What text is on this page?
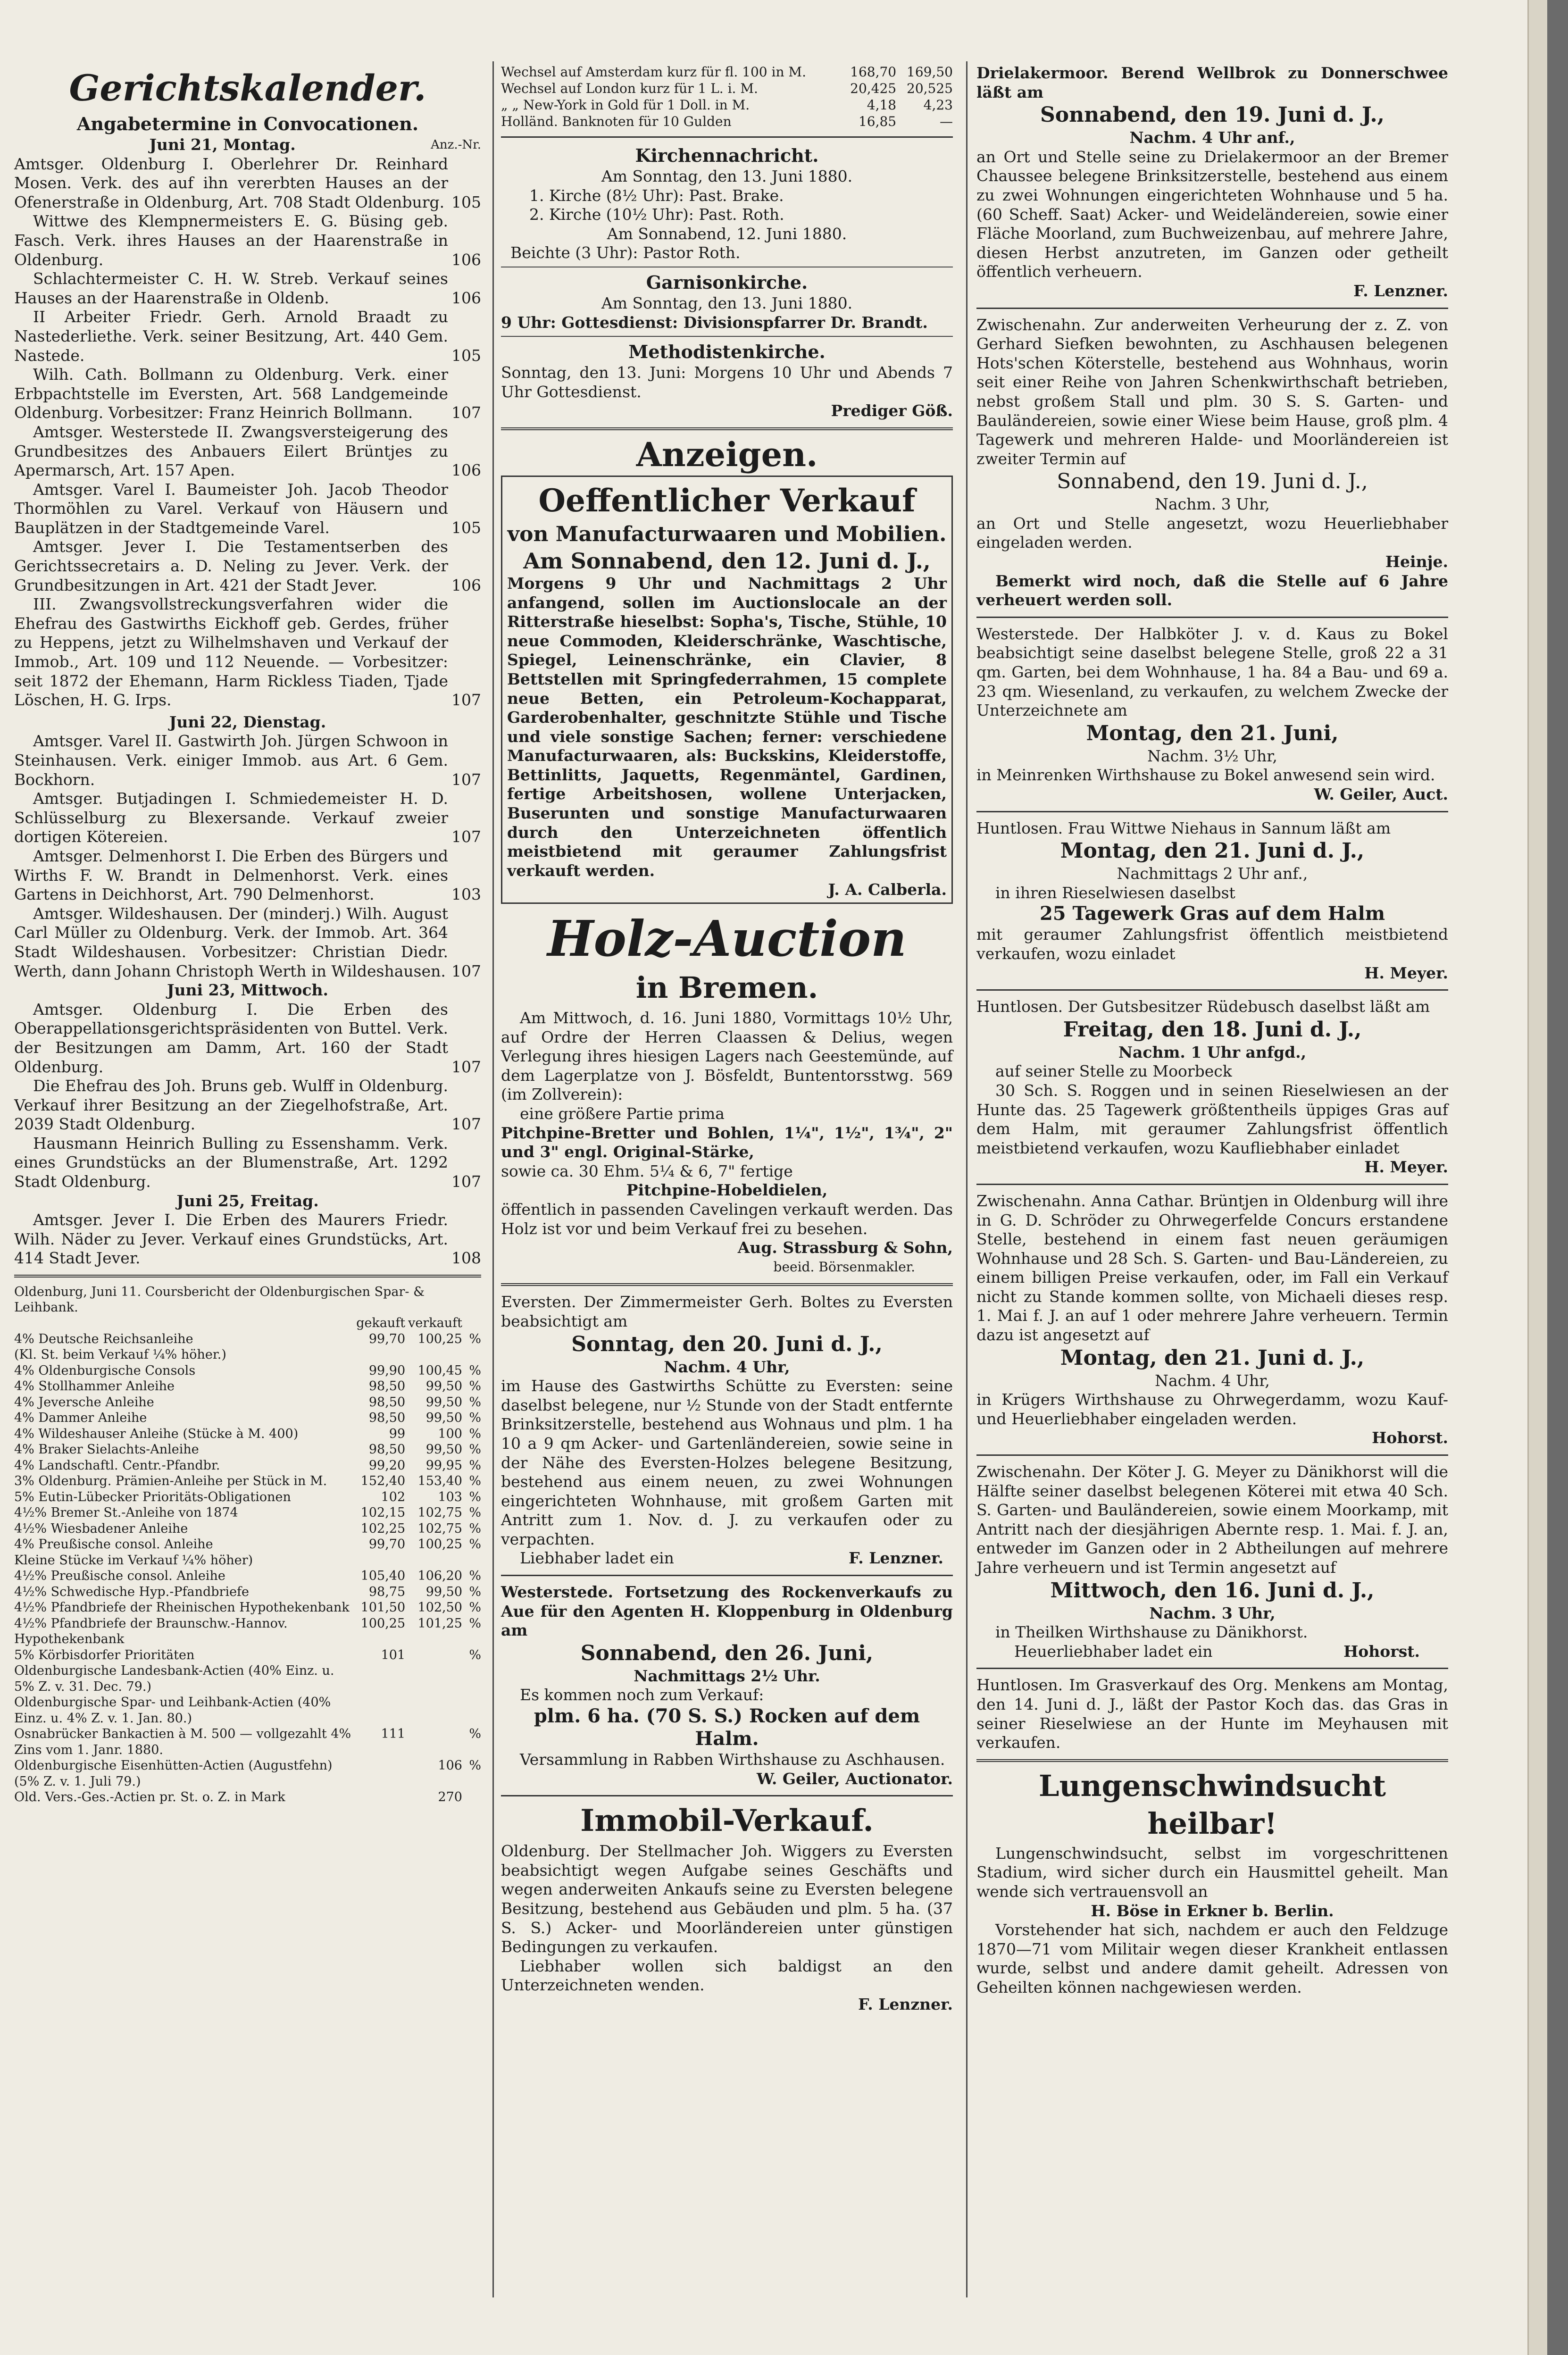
Gerichtskalender.
Angabetermine in Convocationen.
Juni 21, Montag.	Anz.-Nr.
Amtsger. Oldenburg I. Oberlehrer Dr. Reinhard Mosen. Verk. des auf ihn vererbten Hauses an der Ofenerstraße in Oldenburg, Art. 708 Stadt Oldenburg. 105
Wittwe des Klempnermeisters E. G. Büsing geb. Fasch. Verk. ihres Hauses an der Haarenstraße in Oldenburg.	106
Schlachtermeister C. H. W. Streb. Verkauf seines Hauses an der Haarenstraße in Oldenb.	106
II Arbeiter Friedr. Gerh. Arnold Braadt zu Nastederliethe. Verk. seiner Besitzung, Art. 440 Gem. Nastede.	105
Wilh. Cath. Bollmann zu Oldenburg. Verk. einer Erbpachtstelle im Eversten, Art. 568 Landgemeinde Oldenburg. Vorbesitzer: Franz Heinrich Bollmann.	107
Amtsger. Westerstede II. Zwangsversteigerung des Grundbesitzes des Anbauers Eilert Brüntjes zu Apermarsch, Art. 157 Apen.	106
Amtsger. Varel I. Baumeister Joh. Jacob Theodor Thormöhlen zu Varel. Verkauf von Häusern und Bauplätzen in der Stadtgemeinde Varel.	105
Amtsger. Jever I. Die Testamentserben des Gerichtssecretairs a. D. Neling zu Jever. Verk. der Grundbesitzungen in Art. 421 der Stadt Jever.	106
III. Zwangsvollstreckungsverfahren wider die Ehefrau des Gastwirths Eickhoff geb. Gerdes, früher zu Heppens, jetzt zu Wilhelmshaven und Verkauf der Immob., Art. 109 und 112 Neuende. — Vorbesitzer: seit 1872 der Ehemann, Harm Rickless Tiaden, Tjade Löschen, H. G. Irps.	107
Juni 22, Dienstag.
Amtsger. Varel II. Gastwirth Joh. Jürgen Schwoon in Steinhausen. Verk. einiger Immob. aus Art. 6 Gem. Bockhorn.	107
Amtsger. Butjadingen I. Schmiedemeister H. D. Schlüsselburg zu Blexersande. Verkauf zweier dortigen Kötereien.	107
Amtsger. Delmenhorst I. Die Erben des Bürgers und Wirths F. W. Brandt in Delmenhorst. Verk. eines Gartens in Deichhorst, Art. 790 Delmenhorst.	103
Amtsger. Wildeshausen. Der (minderj.) Wilh. August Carl Müller zu Oldenburg. Verk. der Immob. Art. 364 Stadt Wildeshausen. Vorbesitzer: Christian Diedr. Werth, dann Johann Christoph Werth in Wildeshausen. 107
Juni 23, Mittwoch.
Amtsger. Oldenburg I. Die Erben des Oberappellationsgerichtspräsidenten von Buttel. Verk. der Besitzungen am Damm, Art. 160 der Stadt Oldenburg.	107
Die Ehefrau des Joh. Bruns geb. Wulff in Oldenburg. Verkauf ihrer Besitzung an der Ziegelhofstraße, Art. 2039 Stadt Oldenburg.	107
Hausmann Heinrich Bulling zu Essenshamm. Verk. eines Grundstücks an der Blumenstraße, Art. 1292 Stadt Oldenburg.	107
Juni 25, Freitag.
Amtsger. Jever I. Die Erben des Maurers Friedr. Wilh. Näder zu Jever. Verkauf eines Grundstücks, Art. 414 Stadt Jever.	108
Oldenburg, Juni 11. Coursbericht der Oldenburgischen Spar- & Leihbank.
	gekauft	verkauft	
4% Deutsche Reichsanleihe	99,70	100,25	%
(Kl. St. beim Verkauf ¼% höher.)			
4% Oldenburgische Consols	99,90	100,45	%
4% Stollhammer Anleihe	98,50	99,50	%
4% Jeversche Anleihe	98,50	99,50	%
4% Dammer Anleihe	98,50	99,50	%
4% Wildeshauser Anleihe (Stücke à M. 400)	99	100	%
4% Braker Sielachts-Anleihe	98,50	99,50	%
4% Landschaftl. Centr.-Pfandbr.	99,20	99,95	%
3% Oldenburg. Prämien-Anleihe per Stück in M.	152,40	153,40	%
5% Eutin-Lübecker Prioritäts-Obligationen	102	103	%
4½% Bremer St.-Anleihe von 1874	102,15	102,75	%
4½% Wiesbadener Anleihe	102,25	102,75	%
4% Preußische consol. Anleihe	99,70	100,25	%
Kleine Stücke im Verkauf ¼% höher)			
4½% Preußische consol. Anleihe	105,40	106,20	%
4½% Schwedische Hyp.-Pfandbriefe	98,75	99,50	%
4½% Pfandbriefe der Rheinischen Hypothekenbank	101,50	102,50	%
4½% Pfandbriefe der Braunschw.-Hannov. Hypothekenbank	100,25	101,25	%
5% Körbisdorfer Prioritäten	101		%
Oldenburgische Landesbank-Actien (40% Einz. u. 5% Z. v. 31. Dec. 79.)			
Oldenburgische Spar- und Leihbank-Actien (40% Einz. u. 4% Z. v. 1. Jan. 80.)			
Osnabrücker Bankactien à M. 500 — vollgezahlt 4% Zins vom 1. Janr. 1880.	111		%
Oldenburgische Eisenhütten-Actien (Augustfehn) (5% Z. v. 1. Juli 79.)		106	%
Old. Vers.-Ges.-Actien pr. St. o. Z. in Mark		270	
Wechsel auf Amsterdam kurz für fl. 100 in M.	168,70	169,50
Wechsel auf London kurz für 1 L. i. M.	20,425	20,525
„ „ New-York in Gold für 1 Doll. in M.	4,18	4,23
Holländ. Banknoten für 10 Gulden	16,85	—
Kirchennachricht.
Am Sonntag, den 13. Juni 1880.
1. Kirche (8½ Uhr): Past. Brake.
2. Kirche (10½ Uhr): Past. Roth.
Am Sonnabend, 12. Juni 1880.
Beichte (3 Uhr): Pastor Roth.
Garnisonkirche.
Am Sonntag, den 13. Juni 1880.
9 Uhr: Gottesdienst: Divisionspfarrer Dr. Brandt.
Methodistenkirche.

Sonntag, den 13. Juni: Morgens 10 Uhr und Abends 7 Uhr Gottesdienst.

Prediger Göß.
Anzeigen.
Oeffentlicher Verkauf
von Manufacturwaaren und Mobilien.
Am Sonnabend, den 12. Juni d. J.,

Morgens 9 Uhr und Nachmittags 2 Uhr anfangend, sollen im Auctionslocale an der Ritterstraße hieselbst: Sopha's, Tische, Stühle, 10 neue Commoden, Kleiderschränke, Waschtische, Spiegel, Leinenschränke, ein Clavier, 8 Bettstellen mit Springfederrahmen, 15 complete neue Betten, ein Petroleum-Kochapparat, Garderobenhalter, geschnitzte Stühle und Tische und viele sonstige Sachen; ferner: verschiedene Manufacturwaaren, als: Buckskins, Kleiderstoffe, Bettinlitts, Jaquetts, Regenmäntel, Gardinen, fertige Arbeitshosen, wollene Unterjacken, Buserunten und sonstige Manufacturwaaren durch den Unterzeichneten öffentlich meistbietend mit geraumer Zahlungsfrist verkauft werden.

J. A. Calberla.
Holz-Auction
in Bremen.

Am Mittwoch, d. 16. Juni 1880, Vormittags 10½ Uhr, auf Ordre der Herren Claassen & Delius, wegen Verlegung ihres hiesigen Lagers nach Geestemünde, auf dem Lagerplatze von J. Bösfeldt, Buntentorsstwg. 569 (im Zollverein):

eine größere Partie prima

Pitchpine-Bretter und Bohlen, 1¼", 1½", 1¾", 2" und 3" engl. Original-Stärke,

sowie ca. 30 Ehm. 5¼ & 6, 7" fertige
Pitchpine-Hobeldielen,

öffentlich in passenden Cavelingen verkauft werden. Das Holz ist vor und beim Verkauf frei zu besehen.

Aug. Strassburg & Sohn,
beeid. Börsenmakler.

Eversten. Der Zimmermeister Gerh. Boltes zu Eversten beabsichtigt am

Sonntag, den 20. Juni d. J.,
Nachm. 4 Uhr,

im Hause des Gastwirths Schütte zu Eversten: seine daselbst belegene, nur ½ Stunde von der Stadt entfernte Brinksitzerstelle, bestehend aus Wohnaus und plm. 1 ha 10 a 9 qm Acker- und Gartenländereien, sowie seine in der Nähe des Eversten-Holzes belegene Besitzung, bestehend aus einem neuen, zu zwei Wohnungen eingerichteten Wohnhause, mit großem Garten mit Antritt zum 1. Nov. d. J. zu verkaufen oder zu verpachten.

Liebhaber ladet ein	F. Lenzner.

Westerstede. Fortsetzung des Rockenverkaufs zu Aue für den Agenten H. Kloppenburg in Oldenburg am

Sonnabend, den 26. Juni,
Nachmittags 2½ Uhr.
Es kommen noch zum Verkauf:
plm. 6 ha. (70 S. S.) Rocken auf dem Halm.

Versammlung in Rabben Wirthshause zu Aschhausen.

W. Geiler, Auctionator.
Immobil-Verkauf.

Oldenburg. Der Stellmacher Joh. Wiggers zu Eversten beabsichtigt wegen Aufgabe seines Geschäfts und wegen anderweiten Ankaufs seine zu Eversten belegene Besitzung, bestehend aus Gebäuden und plm. 5 ha. (37 S. S.) Acker- und Moorländereien unter günstigen Bedingungen zu verkaufen.

Liebhaber wollen sich baldigst an den Unterzeichneten wenden.

F. Lenzner.

Drielakermoor. Berend Wellbrok zu Donnerschwee läßt am

Sonnabend, den 19. Juni d. J.,
Nachm. 4 Uhr anf.,

an Ort und Stelle seine zu Drielakermoor an der Bremer Chaussee belegene Brinksitzerstelle, bestehend aus einem zu zwei Wohnungen eingerichteten Wohnhause und 5 ha. (60 Scheff. Saat) Acker- und Weideländereien, sowie einer Fläche Moorland, zum Buchweizenbau, auf mehrere Jahre, diesen Herbst anzutreten, im Ganzen oder getheilt öffentlich verheuern.

F. Lenzner.

Zwischenahn. Zur anderweiten Verheurung der z. Z. von Gerhard Siefken bewohnten, zu Aschhausen belegenen Hots'schen Köterstelle, bestehend aus Wohnhaus, worin seit einer Reihe von Jahren Schenkwirthschaft betrieben, nebst großem Stall und plm. 30 S. S. Garten- und Bauländereien, sowie einer Wiese beim Hause, groß plm. 4 Tagewerk und mehreren Halde- und Moorländereien ist zweiter Termin auf

Sonnabend, den 19. Juni d. J.,
Nachm. 3 Uhr,

an Ort und Stelle angesetzt, wozu Heuerliebhaber eingeladen werden.

Heinje.

Bemerkt wird noch, daß die Stelle auf 6 Jahre verheuert werden soll.

Westerstede. Der Halbköter J. v. d. Kaus zu Bokel beabsichtigt seine daselbst belegene Stelle, groß 22 a 31 qm. Garten, bei dem Wohnhause, 1 ha. 84 a Bau- und 69 a. 23 qm. Wiesenland, zu verkaufen, zu welchem Zwecke der Unterzeichnete am

Montag, den 21. Juni,
Nachm. 3½ Uhr,

in Meinrenken Wirthshause zu Bokel anwesend sein wird.

W. Geiler, Auct.

Huntlosen. Frau Wittwe Niehaus in Sannum läßt am

Montag, den 21. Juni d. J.,
Nachmittags 2 Uhr anf.,
in ihren Rieselwiesen daselbst
25 Tagewerk Gras auf dem Halm

mit geraumer Zahlungsfrist öffentlich meistbietend verkaufen, wozu einladet

H. Meyer.

Huntlosen. Der Gutsbesitzer Rüdebusch daselbst läßt am

Freitag, den 18. Juni d. J.,
Nachm. 1 Uhr anfgd.,
auf seiner Stelle zu Moorbeck

30 Sch. S. Roggen und in seinen Rieselwiesen an der Hunte das. 25 Tagewerk größtentheils üppiges Gras auf dem Halm, mit geraumer Zahlungsfrist öffentlich meistbietend verkaufen, wozu Kaufliebhaber einladet

H. Meyer.

Zwischenahn. Anna Cathar. Brüntjen in Oldenburg will ihre in G. D. Schröder zu Ohrwegerfelde Concurs erstandene Stelle, bestehend in einem fast neuen geräumigen Wohnhause und 28 Sch. S. Garten- und Bau-Ländereien, zu einem billigen Preise verkaufen, oder, im Fall ein Verkauf nicht zu Stande kommen sollte, von Michaeli dieses resp. 1. Mai f. J. an auf 1 oder mehrere Jahre verheuern. Termin dazu ist angesetzt auf

Montag, den 21. Juni d. J.,
Nachm. 4 Uhr,

in Krügers Wirthshause zu Ohrwegerdamm, wozu Kauf- und Heuerliebhaber eingeladen werden.

Hohorst.

Zwischenahn. Der Köter J. G. Meyer zu Dänikhorst will die Hälfte seiner daselbst belegenen Köterei mit etwa 40 Sch. S. Garten- und Bauländereien, sowie einem Moorkamp, mit Antritt nach der diesjährigen Abernte resp. 1. Mai. f. J. an, entweder im Ganzen oder in 2 Abtheilungen auf mehrere Jahre verheuern und ist Termin angesetzt auf

Mittwoch, den 16. Juni d. J.,
Nachm. 3 Uhr,
in Theilken Wirthshause zu Dänikhorst.
Heuerliebhaber ladet ein	Hohorst.

Huntlosen. Im Grasverkauf des Org. Menkens am Montag, den 14. Juni d. J., läßt der Pastor Koch das. das Gras in seiner Rieselwiese an der Hunte im Meyhausen mit verkaufen.

Lungenschwindsucht
heilbar!

Lungenschwindsucht, selbst im vorgeschrittenen Stadium, wird sicher durch ein Hausmittel geheilt. Man wende sich vertrauensvoll an

H. Böse in Erkner b. Berlin.

Vorstehender hat sich, nachdem er auch den Feldzuge 1870—71 vom Militair wegen dieser Krankheit entlassen wurde, selbst und andere damit geheilt. Adressen von Geheilten können nachgewiesen werden.
